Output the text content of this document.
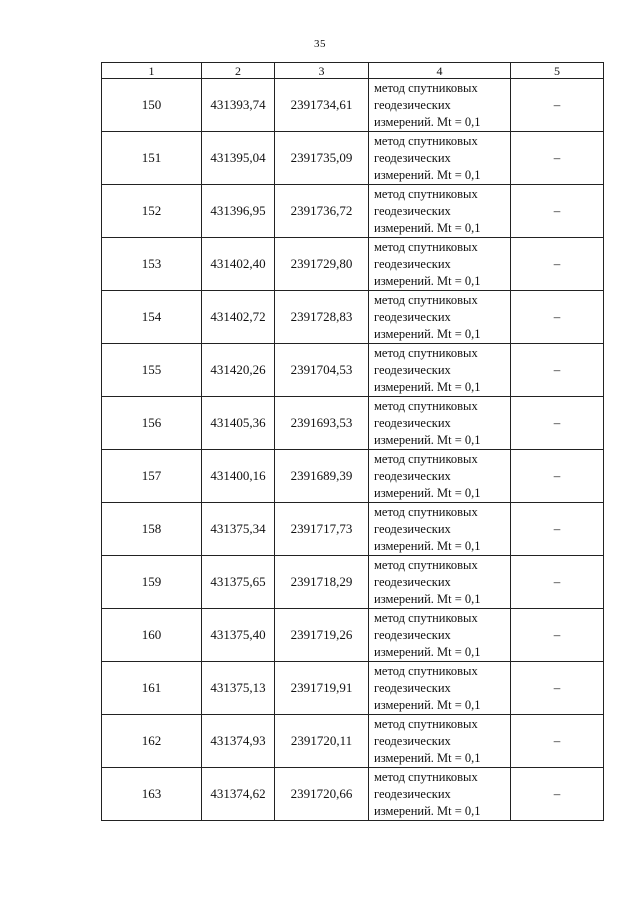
35
1	2	3	4	5
150	431393,74	2391734,61	метод спутниковых
геодезических
измерений. Mt = 0,1	–
151	431395,04	2391735,09	метод спутниковых
геодезических
измерений. Mt = 0,1	–
152	431396,95	2391736,72	метод спутниковых
геодезических
измерений. Mt = 0,1	–
153	431402,40	2391729,80	метод спутниковых
геодезических
измерений. Mt = 0,1	–
154	431402,72	2391728,83	метод спутниковых
геодезических
измерений. Mt = 0,1	–
155	431420,26	2391704,53	метод спутниковых
геодезических
измерений. Mt = 0,1	–
156	431405,36	2391693,53	метод спутниковых
геодезических
измерений. Mt = 0,1	–
157	431400,16	2391689,39	метод спутниковых
геодезических
измерений. Mt = 0,1	–
158	431375,34	2391717,73	метод спутниковых
геодезических
измерений. Mt = 0,1	–
159	431375,65	2391718,29	метод спутниковых
геодезических
измерений. Mt = 0,1	–
160	431375,40	2391719,26	метод спутниковых
геодезических
измерений. Mt = 0,1	–
161	431375,13	2391719,91	метод спутниковых
геодезических
измерений. Mt = 0,1	–
162	431374,93	2391720,11	метод спутниковых
геодезических
измерений. Mt = 0,1	–
163	431374,62	2391720,66	метод спутниковых
геодезических
измерений. Mt = 0,1	–
